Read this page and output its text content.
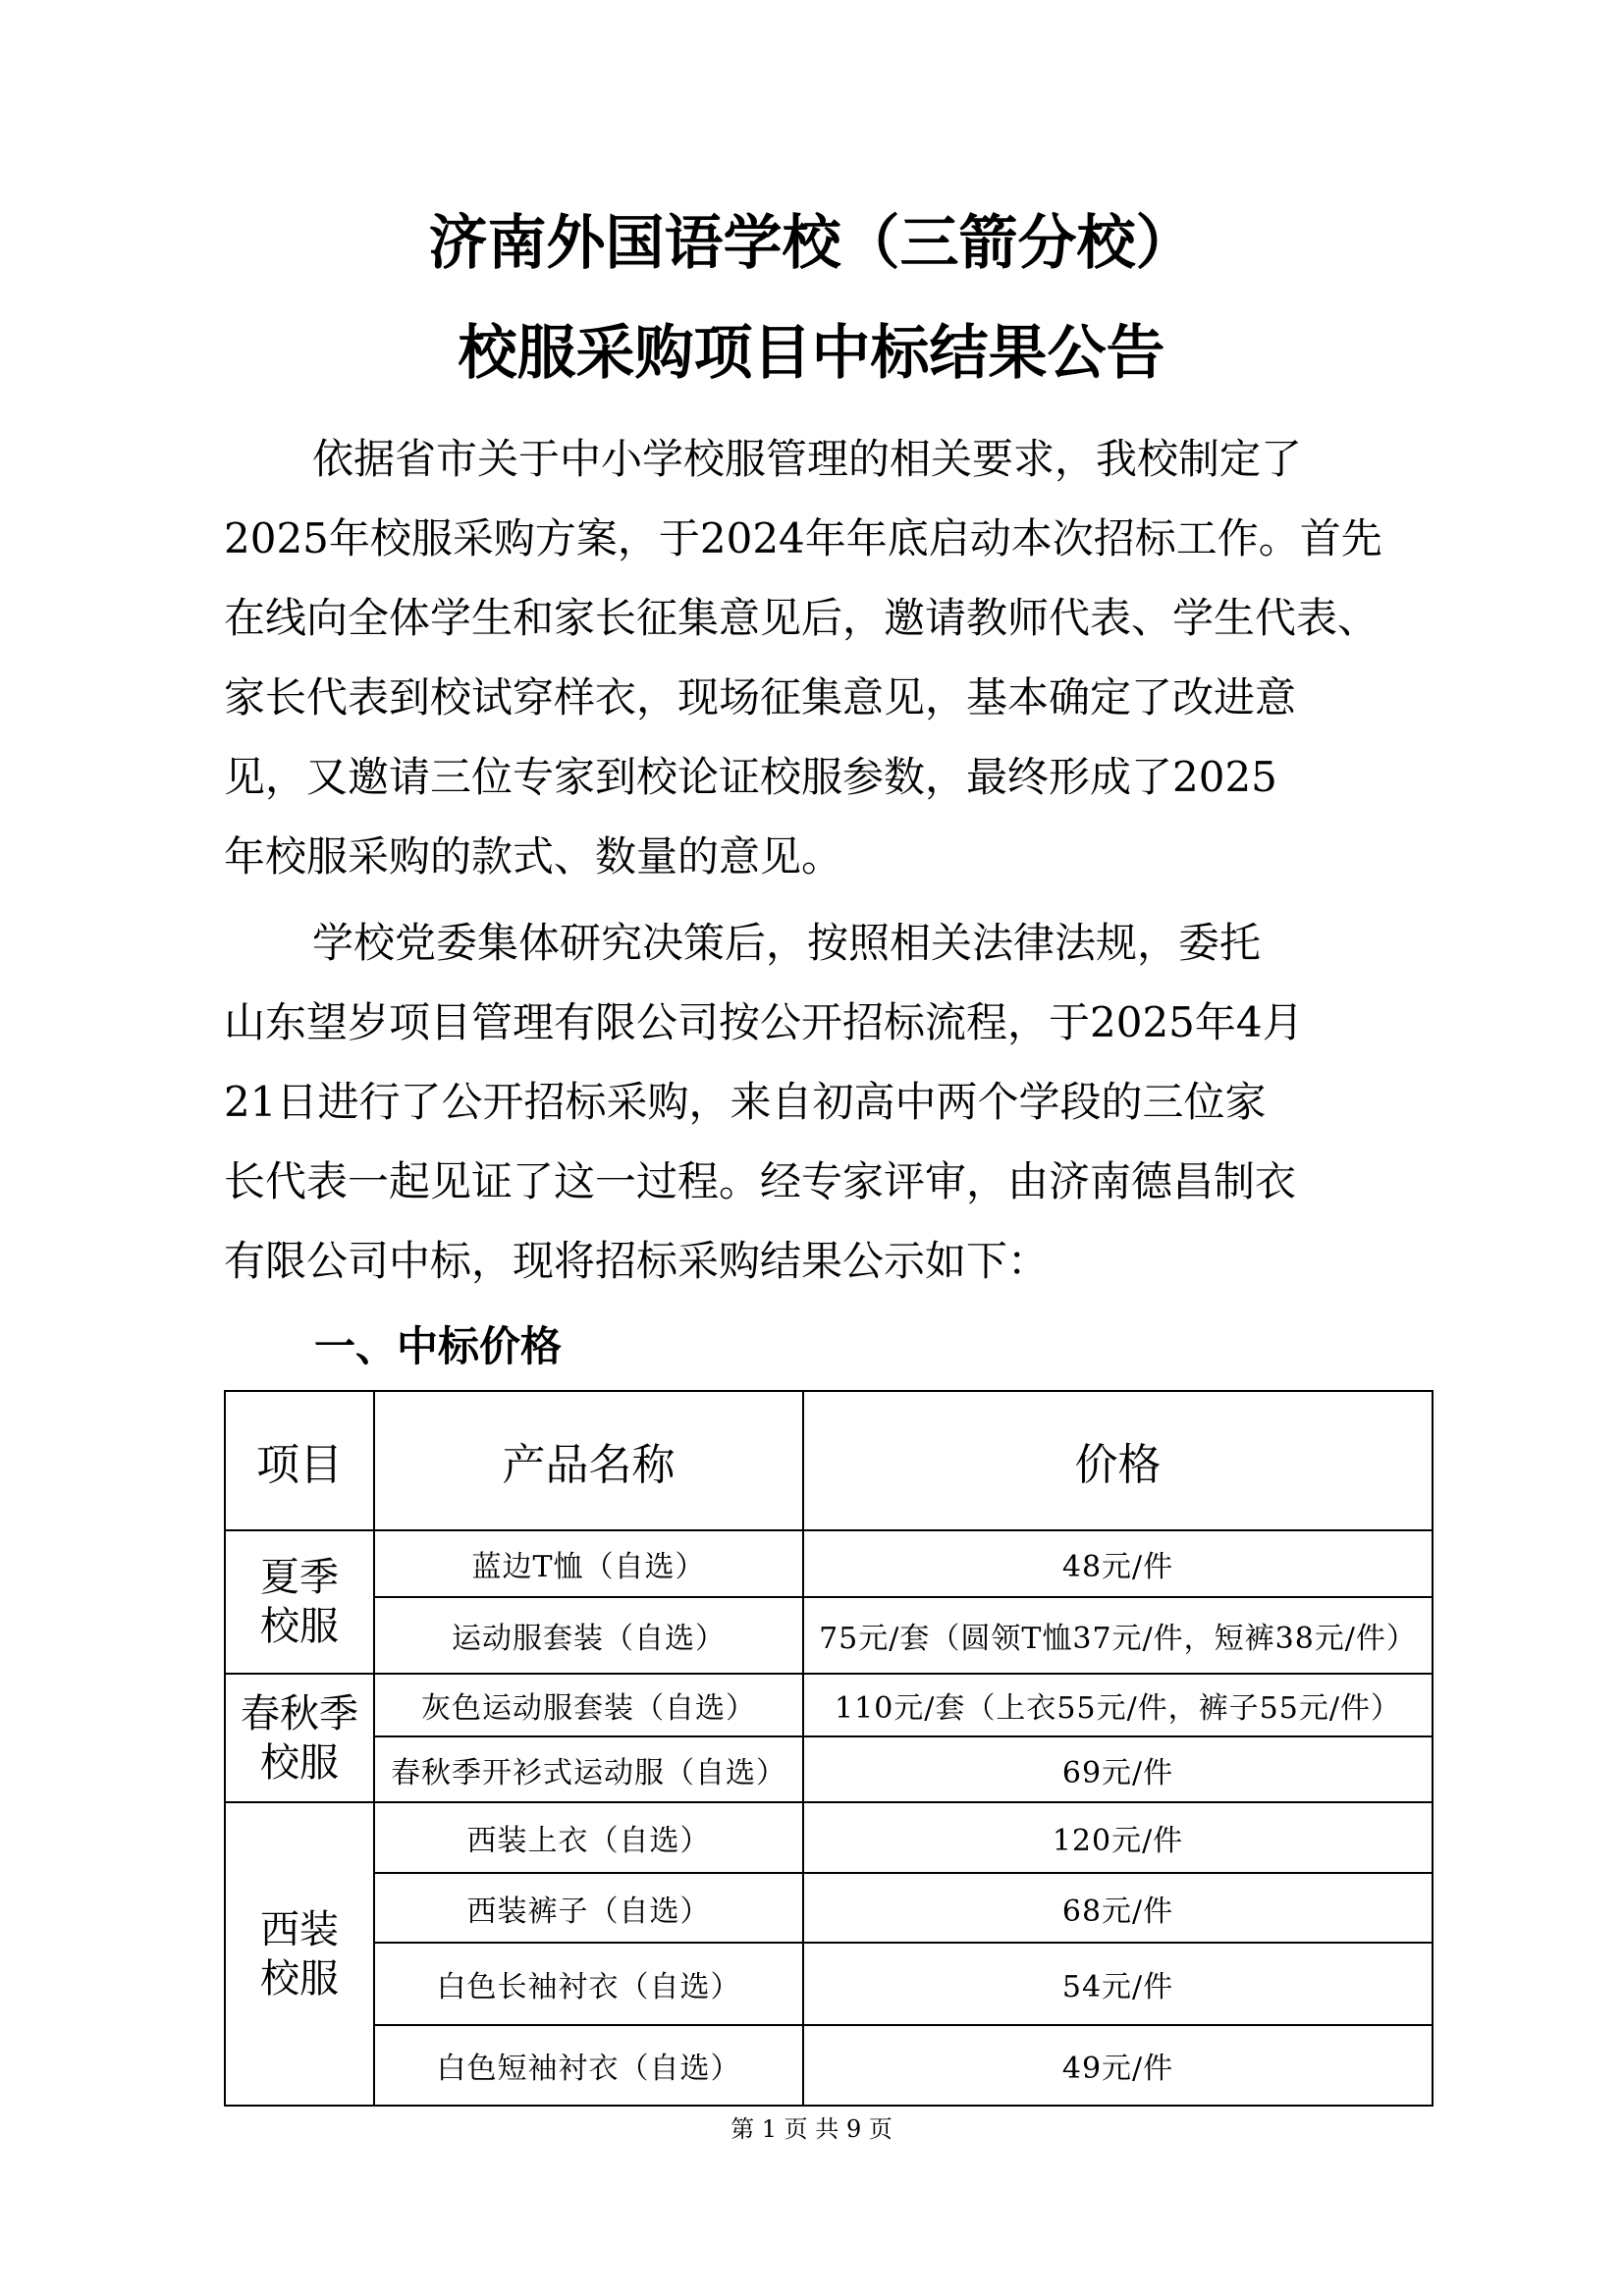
济南外国语学校（三箭分校）
校服采购项目中标结果公告

依据省市关于中小学校服管理的相关要求，我校制定了
2025年校服采购方案，于2024年年底启动本次招标工作。首先
在线向全体学生和家长征集意见后，邀请教师代表、学生代表、
家长代表到校试穿样衣，现场征集意见，基本确定了改进意
见，又邀请三位专家到校论证校服参数，最终形成了2025
年校服采购的款式、数量的意见。

学校党委集体研究决策后，按照相关法律法规，委托
山东望岁项目管理有限公司按公开招标流程，于2025年4月
21日进行了公开招标采购，来自初高中两个学段的三位家
长代表一起见证了这一过程。经专家评审，由济南德昌制衣
有限公司中标，现将招标采购结果公示如下：

一、中标价格
项目	产品名称	价格
夏季
校服	蓝边T恤（自选）	48元/件
	运动服套装（自选）	75元/套（圆领T恤37元/件，短裤38元/件）
春秋季
校服	灰色运动服套装（自选）	110元/套（上衣55元/件，裤子55元/件）
	春秋季开衫式运动服（自选）	69元/件
西装
校服	西装上衣（自选）	120元/件
	西装裤子（自选）	68元/件
	白色长袖衬衣（自选）	54元/件
	白色短袖衬衣（自选）	49元/件

第 1 页 共 9 页
